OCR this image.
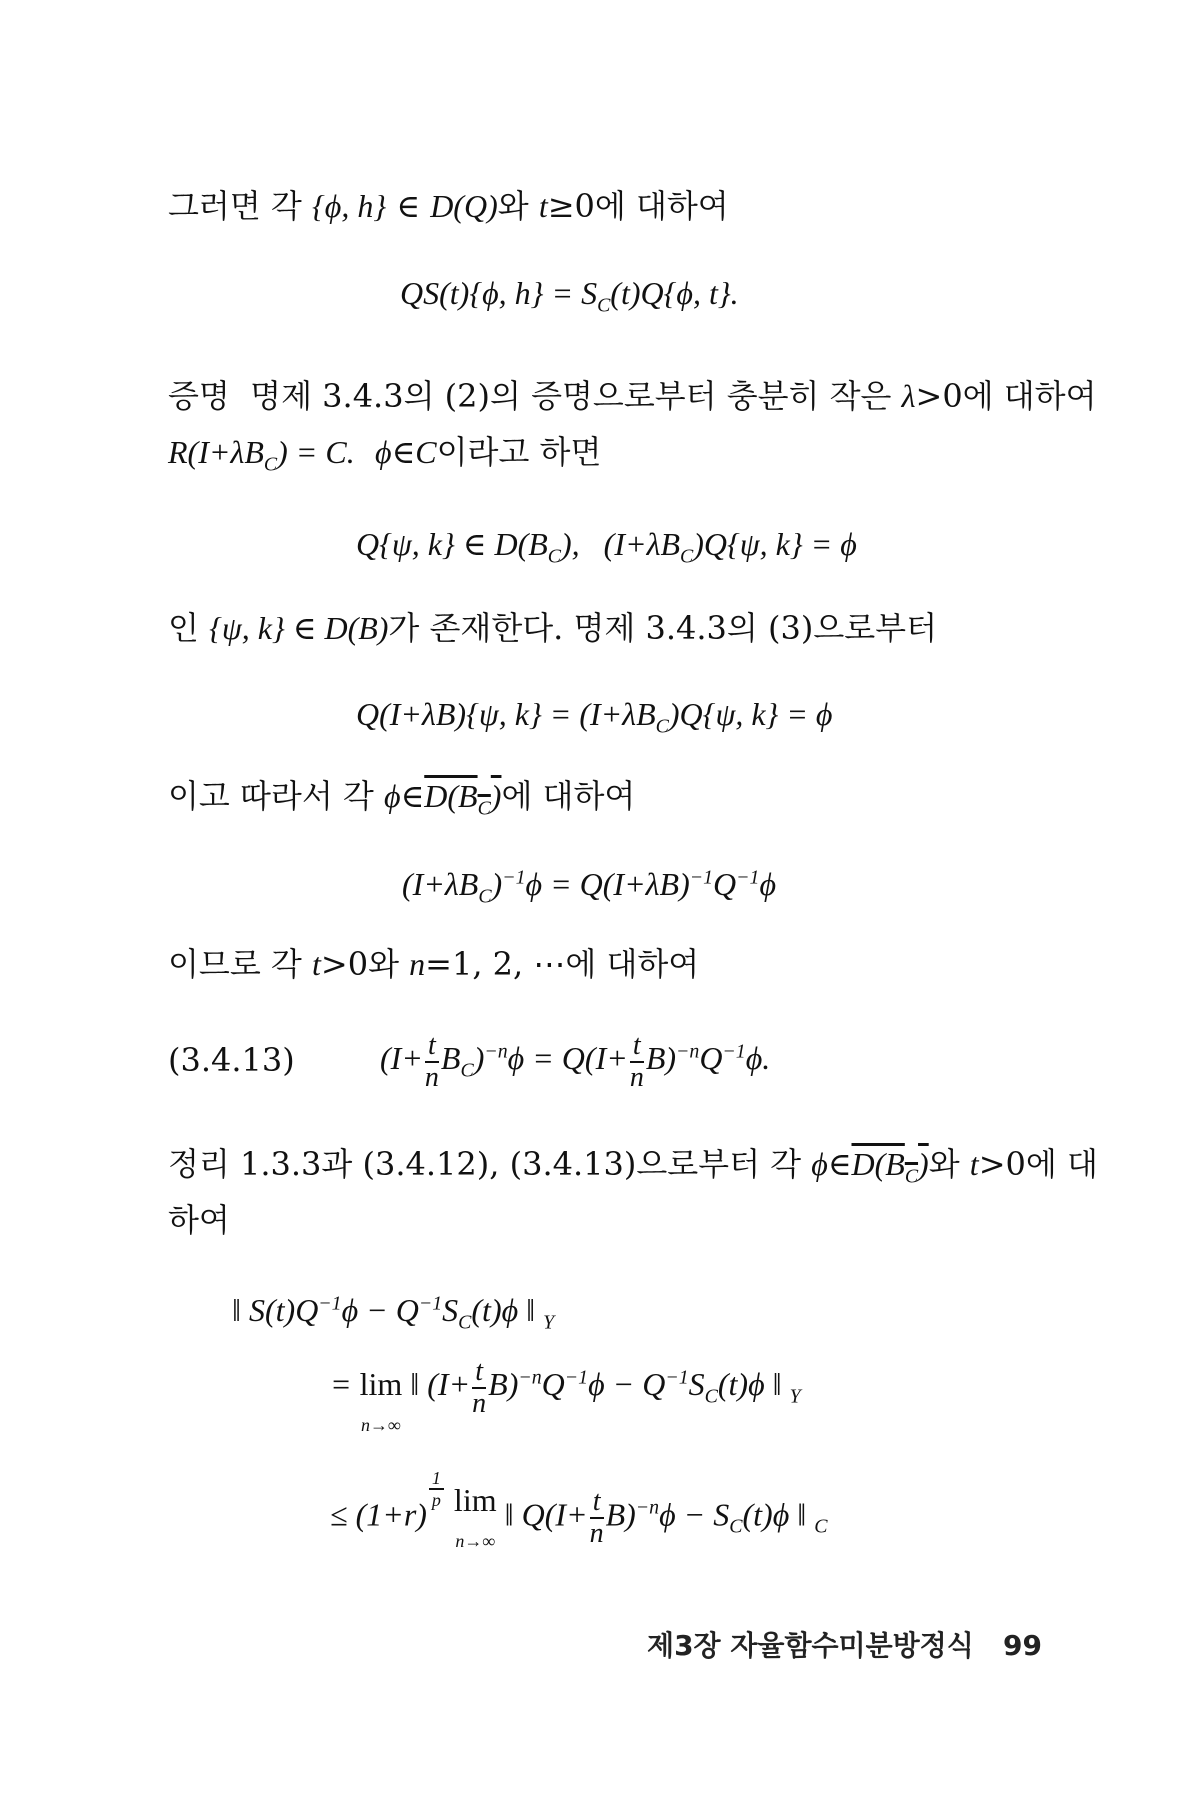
그러면 각 {ϕ, h} ∈ D(Q)와 t≥0에 대하여
QS(t){ϕ, $h\} = S_C(t)Q\{\phi$, t}.
증명  명제 3.4.3의 (2)의 증명으로부터 충분히 작은 λ>0에 대하여
$R(I+\lambda B_C) = C$. ϕ∈C이라고 하면
Q{ψ, k} ∈ $D(B_C)$,   $(I+\lambda B_C)Q\{\psi$, k} = ϕ
인 {ψ, k} ∈ D(B)가 존재한다. 명제 3.4.3의 (3)으로부터
Q(I+λB){ψ, $k\} = (I+\lambda B_C)Q\{\psi$, k} = ϕ
이고 따라서 각 $\phi\in D(B_C)$에 대하여
$(I+\lambda B_C)^{-1}\phi = Q(I+\lambda B)^{-1}Q^{-1}\phi$
이므로 각 t>0와 n=1, 2, ⋯에 대하여
(3.4.13)	$(I+ \frac{t}{n} B_C)^{-n}\phi = Q(I+ \frac{t}{n} B)^{-n}Q^{-1}\phi$.
정리 1.3.3과 (3.4.12), (3.4.13)으로부터 각 $\phi\in D(B_C)$와 t>0에 대
하여
‖ $S(t)Q^{-1}\phi - Q^{-1}S_C(t)\phi$ ‖ $_Y$
= lim
n→∞
‖ $(I+ \frac{t}{n} B)^{-n}Q^{-1}\phi - Q^{-1}S_C(t)\phi$ ‖ $_Y$
≤ (1+r)
$^{\frac{1}{p}}$
lim
n→∞
‖ $Q(I+ \frac{t}{n} B)^{-n}\phi - S_C(t)\phi$ ‖ $_C$
제3장 자율함수미분방정식 99
